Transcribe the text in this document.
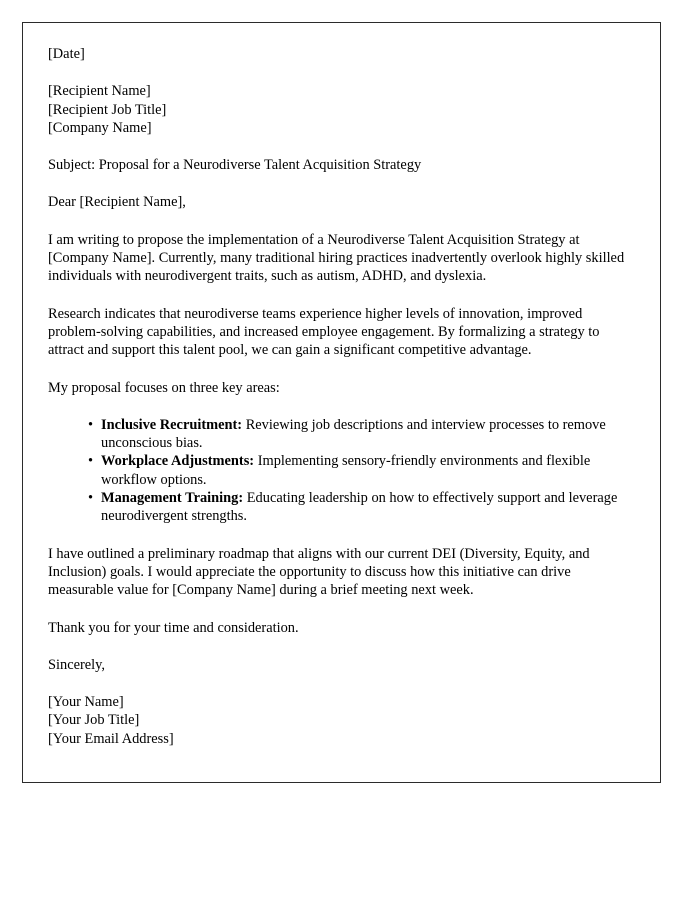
[Date]

[Recipient Name]

[Recipient Job Title]

[Company Name]

Subject: Proposal for a Neurodiverse Talent Acquisition Strategy

Dear [Recipient Name],

I am writing to propose the implementation of a Neurodiverse Talent Acquisition Strategy at [Company Name]. Currently, many traditional hiring practices inadvertently overlook highly skilled individuals with neurodivergent traits, such as autism, ADHD, and dyslexia.

Research indicates that neurodiverse teams experience higher levels of innovation, improved problem-solving capabilities, and increased employee engagement. By formalizing a strategy to attract and support this talent pool, we can gain a significant competitive advantage.

My proposal focuses on three key areas:

• Inclusive Recruitment: Reviewing job descriptions and interview processes to remove unconscious bias.
• Workplace Adjustments: Implementing sensory-friendly environments and flexible workflow options.
• Management Training: Educating leadership on how to effectively support and leverage neurodivergent strengths.

I have outlined a preliminary roadmap that aligns with our current DEI (Diversity, Equity, and Inclusion) goals. I would appreciate the opportunity to discuss how this initiative can drive measurable value for [Company Name] during a brief meeting next week.

Thank you for your time and consideration.

Sincerely,

[Your Name]

[Your Job Title]

[Your Email Address]
